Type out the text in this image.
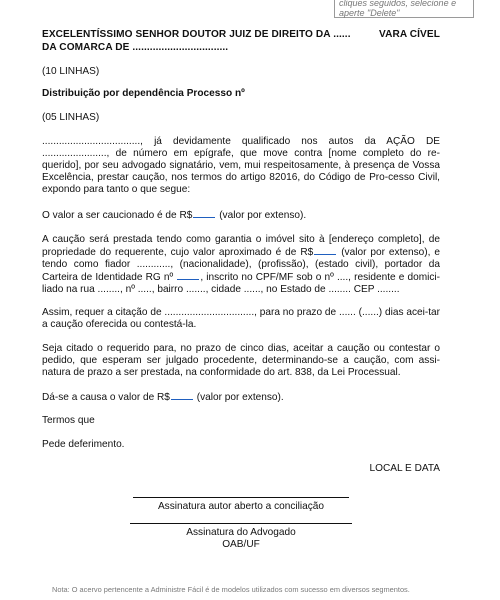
cliques seguidos, selecione e
aperte "Delete"
EXCELENTÍSSIMO SENHOR DOUTOR JUIZ DE DIREITO DA ......	VARA CÍVEL
DA COMARCA DE .................................
(10 LINHAS)
Distribuição por dependência Processo nº
(05 LINHAS)
..................................., já devidamente qualificado nos autos da AÇÃO DE ......................., de número em epígrafe, que move contra [nome completo do re-querido], por seu advogado signatário, vem, mui respeitosamente, à presença de Vossa Excelência, prestar caução, nos termos do artigo 82016, do Código de Pro-cesso Civil, expondo para tanto o que segue:
O valor a ser caucionado é de R$	(valor por extenso).
A caução será prestada tendo como garantia o imóvel sito à [endereço completo], de propriedade do requerente, cujo valor aproximado é de R$	(valor por extenso), e tendo como fiador ............, (nacionalidade), (profissão), (estado civil), portador da Carteira de Identidade RG nº	, inscrito no CPF/MF sob o nº ...., residente e domici-liado na rua ........, nº ....., bairro ......., cidade ......, no Estado de ........ CEP ........
Assim, requer a citação de ................................, para no prazo de ...... (......) dias acei-tar a caução oferecida ou contestá-la.
Seja citado o requerido para, no prazo de cinco dias, aceitar a caução ou contestar o pedido, que esperam ser julgado procedente, determinando-se a caução, com assi-natura de prazo a ser prestada, na conformidade do art. 838, da Lei Processual.
Dá-se a causa o valor de R$	(valor por extenso).
Termos que
Pede deferimento.
LOCAL E DATA
Assinatura autor aberto a conciliação
Assinatura do Advogado
OAB/UF
Nota: O acervo pertencente a Administre Fácil é de modelos utilizados com sucesso em diversos segmentos.
